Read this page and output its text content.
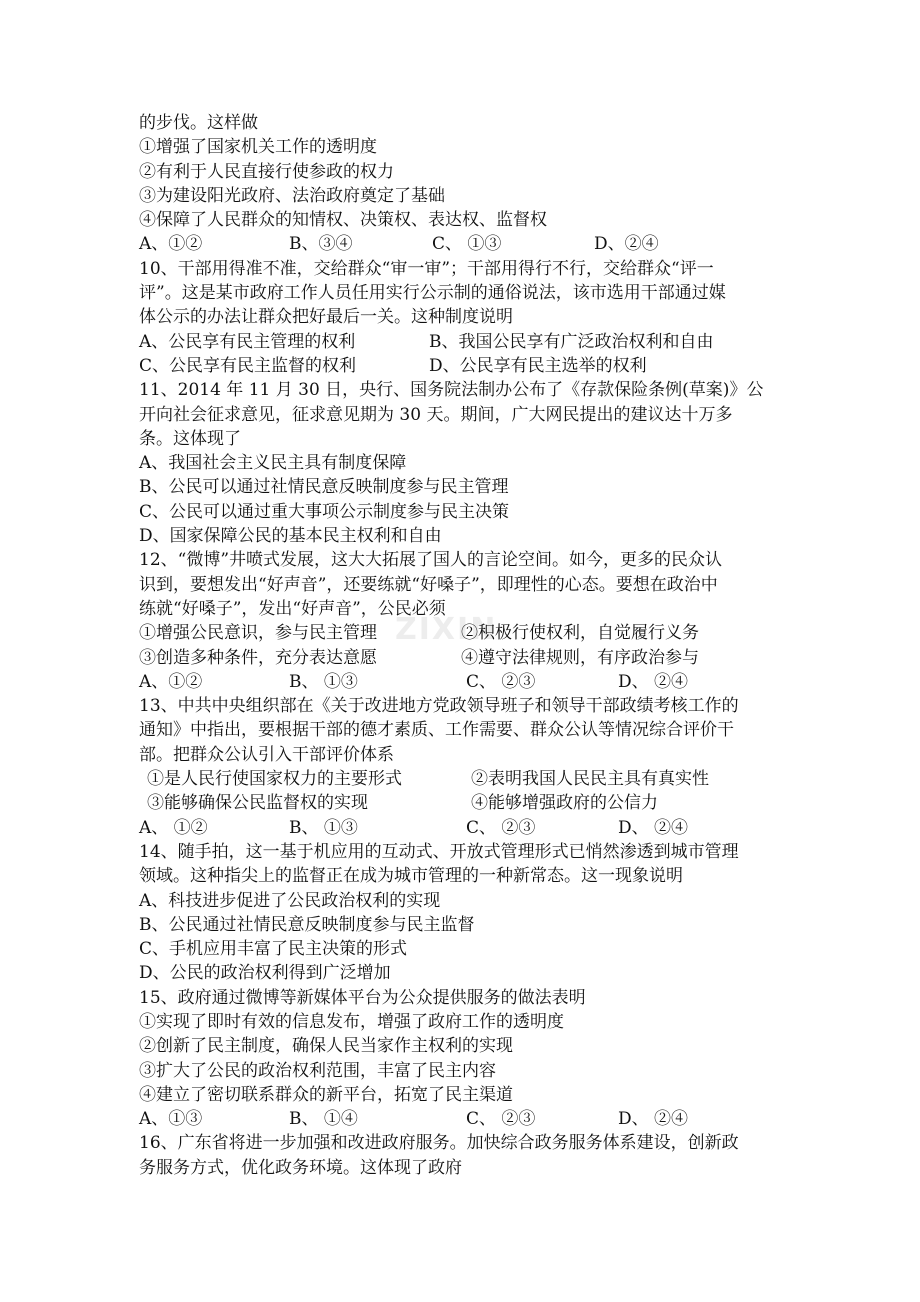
ZIXIN
的步伐。这样做
①增强了国家机关工作的透明度
②有利于人民直接行使参政的权力
③为建设阳光政府、法治政府奠定了基础
④保障了人民群众的知情权、决策权、表达权、监督权
A、①②	B、③④	C、 ①③	D、②④
10、干部用得准不准，交给群众“审一审”；干部用得行不行，交给群众“评一
评”。这是某市政府工作人员任用实行公示制的通俗说法，该市选用干部通过媒
体公示的办法让群众把好最后一关。这种制度说明
A、公民享有民主管理的权利	B、我国公民享有广泛政治权利和自由
C、公民享有民主监督的权利	D、公民享有民主选举的权利
11、2014 年 11 月 30 日，央行、国务院法制办公布了《存款保险条例(草案)》公
开向社会征求意见，征求意见期为 30 天。期间，广大网民提出的建议达十万多
条。这体现了
A、我国社会主义民主具有制度保障
B、公民可以通过社情民意反映制度参与民主管理
C、公民可以通过重大事项公示制度参与民主决策
D、国家保障公民的基本民主权利和自由
12、“微博”井喷式发展，这大大拓展了国人的言论空间。如今，更多的民众认
识到，要想发出“好声音”，还要练就“好嗓子”，即理性的心态。要想在政治中
练就“好嗓子”，发出“好声音”，公民必须
①增强公民意识，参与民主管理	②积极行使权利，自觉履行义务
③创造多种条件，充分表达意愿	④遵守法律规则，有序政治参与
A、①②	B、 ①③	C、 ②③	D、 ②④
13、中共中央组织部在《关于改进地方党政领导班子和领导干部政绩考核工作的
通知》中指出，要根据干部的德才素质、工作需要、群众公认等情况综合评价干
部。把群众公认引入干部评价体系
①是人民行使国家权力的主要形式	②表明我国人民民主具有真实性
③能够确保公民监督权的实现	④能够增强政府的公信力
A、 ①②	B、 ①③	C、 ②③	D、 ②④
14、随手拍，这一基于机应用的互动式、开放式管理形式已悄然渗透到城市管理
领域。这种指尖上的监督正在成为城市管理的一种新常态。这一现象说明
A、科技进步促进了公民政治权利的实现
B、公民通过社情民意反映制度参与民主监督
C、手机应用丰富了民主决策的形式
D、公民的政治权利得到广泛增加
15、政府通过微博等新媒体平台为公众提供服务的做法表明
①实现了即时有效的信息发布，增强了政府工作的透明度
②创新了民主制度，确保人民当家作主权利的实现
③扩大了公民的政治权利范围，丰富了民主内容
④建立了密切联系群众的新平台，拓宽了民主渠道
A、①③	B、 ①④	C、 ②③	D、 ②④
16、广东省将进一步加强和改进政府服务。加快综合政务服务体系建设，创新政
务服务方式，优化政务环境。这体现了政府
